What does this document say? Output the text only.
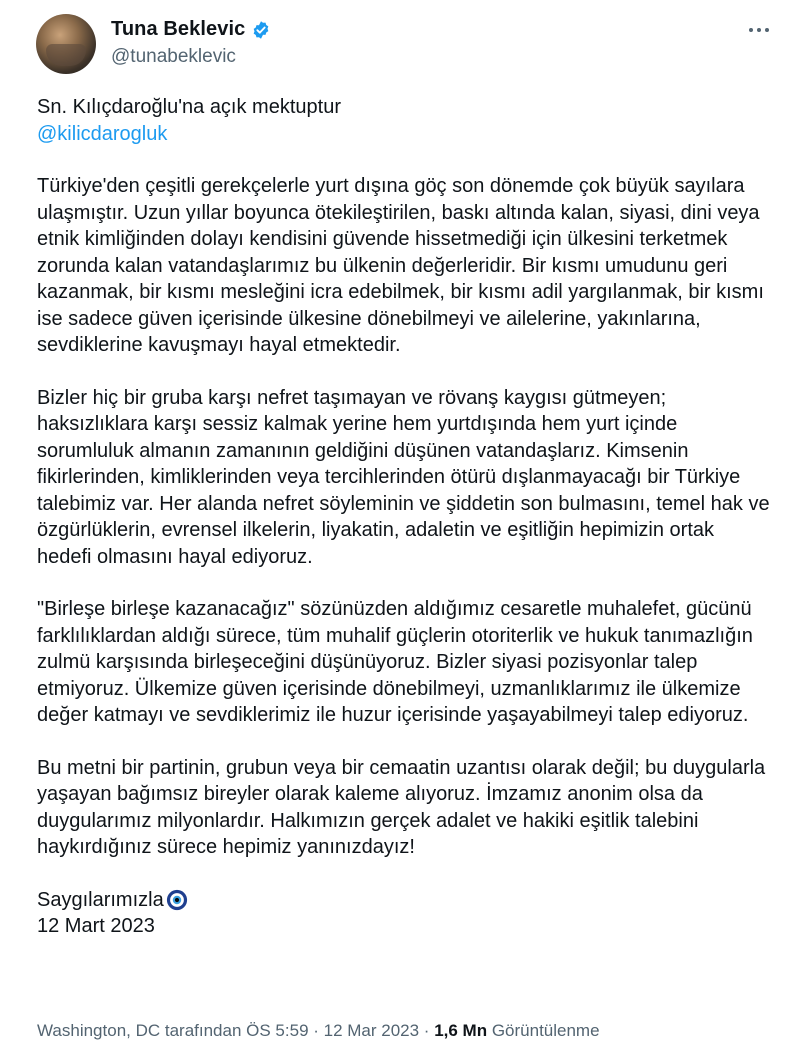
Tuna Beklevic
@tunabeklevic

Sn. Kılıçdaroğlu'na açık mektuptur

@kilicdarogluk

Türkiye'den çeşitli gerekçelerle yurt dışına göç son dönemde çok büyük sayılara ulaşmıştır. Uzun yıllar boyunca ötekileştirilen, baskı altında kalan, siyasi, dini veya etnik kimliğinden dolayı kendisini güvende hissetmediği için ülkesini terketmek zorunda kalan vatandaşlarımız bu ülkenin değerleridir. Bir kısmı umudunu geri kazanmak, bir kısmı mesleğini icra edebilmek, bir kısmı adil yargılanmak, bir kısmı ise sadece güven içerisinde ülkesine dönebilmeyi ve ailelerine, yakınlarına, sevdiklerine kavuşmayı hayal etmektedir.

Bizler hiç bir gruba karşı nefret taşımayan ve rövanş kaygısı gütmeyen; haksızlıklara karşı sessiz kalmak yerine hem yurtdışında hem yurt içinde sorumluluk almanın zamanının geldiğini düşünen vatandaşlarız. Kimsenin fikirlerinden, kimliklerinden veya tercihlerinden ötürü dışlanmayacağı bir Türkiye talebimiz var. Her alanda nefret söyleminin ve şiddetin son bulmasını, temel hak ve özgürlüklerin, evrensel ilkelerin, liyakatin, adaletin ve eşitliğin hepimizin ortak hedefi olmasını hayal ediyoruz.

"Birleşe birleşe kazanacağız" sözünüzden aldığımız cesaretle muhalefet, gücünü farklılıklardan aldığı sürece, tüm muhalif güçlerin otoriterlik ve hukuk tanımazlığın zulmü karşısında birleşeceğini düşünüyoruz. Bizler siyasi pozisyonlar talep etmiyoruz. Ülkemize güven içerisinde dönebilmeyi, uzmanlıklarımız ile ülkemize değer katmayı ve sevdiklerimiz ile huzur içerisinde yaşayabilmeyi talep ediyoruz.

Bu metni bir partinin, grubun veya bir cemaatin uzantısı olarak değil; bu duygularla yaşayan bağımsız bireyler olarak kaleme alıyoruz. İmzamız anonim olsa da duygularımız milyonlardır. Halkımızın gerçek adalet ve hakiki eşitlik talebini haykırdığınız sürece hepimiz yanınızdayız!

Saygılarımızla

12 Mart 2023

Washington, DC tarafından ÖS 5:59 · 12 Mar 2023 · 1,6 Mn Görüntülenme
